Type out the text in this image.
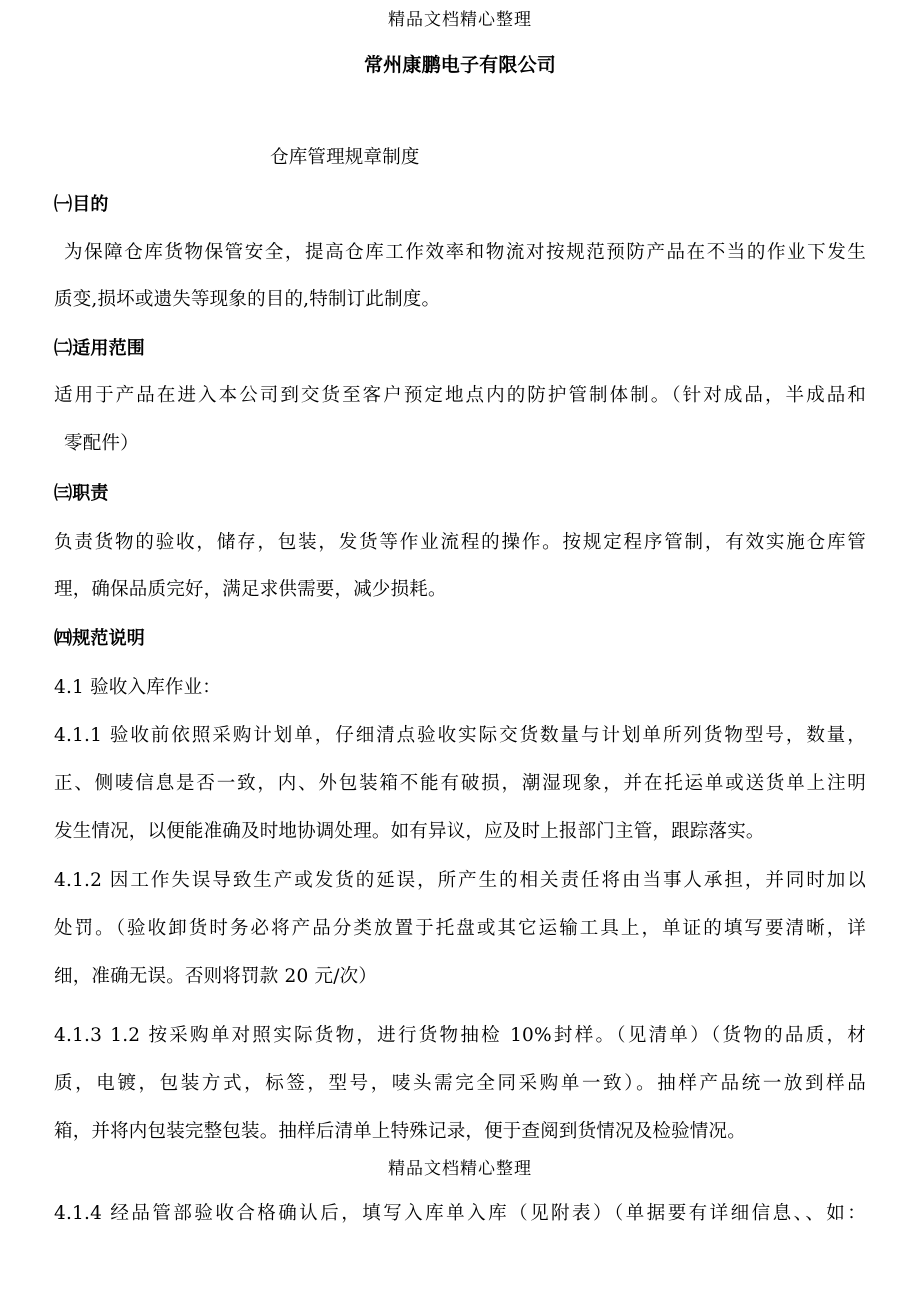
精品文档精心整理
常州康鹏电子有限公司
仓库管理规章制度
㈠目的
为保障仓库货物保管安全，提高仓库工作效率和物流对按规范预防产品在不当的作业下发生
质变,损坏或遗失等现象的目的,特制订此制度。
㈡适用范围
适用于产品在进入本公司到交货至客户预定地点内的防护管制体制。（针对成品，半成品和
零配件）
㈢职责
负责货物的验收，储存，包装，发货等作业流程的操作。按规定程序管制，有效实施仓库管
理，确保品质完好，满足求供需要，减少损耗。
㈣规范说明
4.1 验收入库作业：
4.1.1 验收前依照采购计划单，仔细清点验收实际交货数量与计划单所列货物型号，数量，
正、侧唛信息是否一致，内、外包装箱不能有破损，潮湿现象，并在托运单或送货单上注明
发生情况，以便能准确及时地协调处理。如有异议，应及时上报部门主管，跟踪落实。
4.1.2 因工作失误导致生产或发货的延误，所产生的相关责任将由当事人承担，并同时加以
处罚。（验收卸货时务必将产品分类放置于托盘或其它运输工具上，单证的填写要清晰，详
细，准确无误。否则将罚款 20 元/次）
4.1.3 1.2 按采购单对照实际货物，进行货物抽检 10%封样。（见清单）（货物的品质，材
质，电镀，包装方式，标签，型号，唛头需完全同采购单一致）。抽样产品统一放到样品
箱，并将内包装完整包装。抽样后清单上特殊记录，便于查阅到货情况及检验情况。
精品文档精心整理
4.1.4 经品管部验收合格确认后，填写入库单入库（见附表）（单据要有详细信息、、如：
